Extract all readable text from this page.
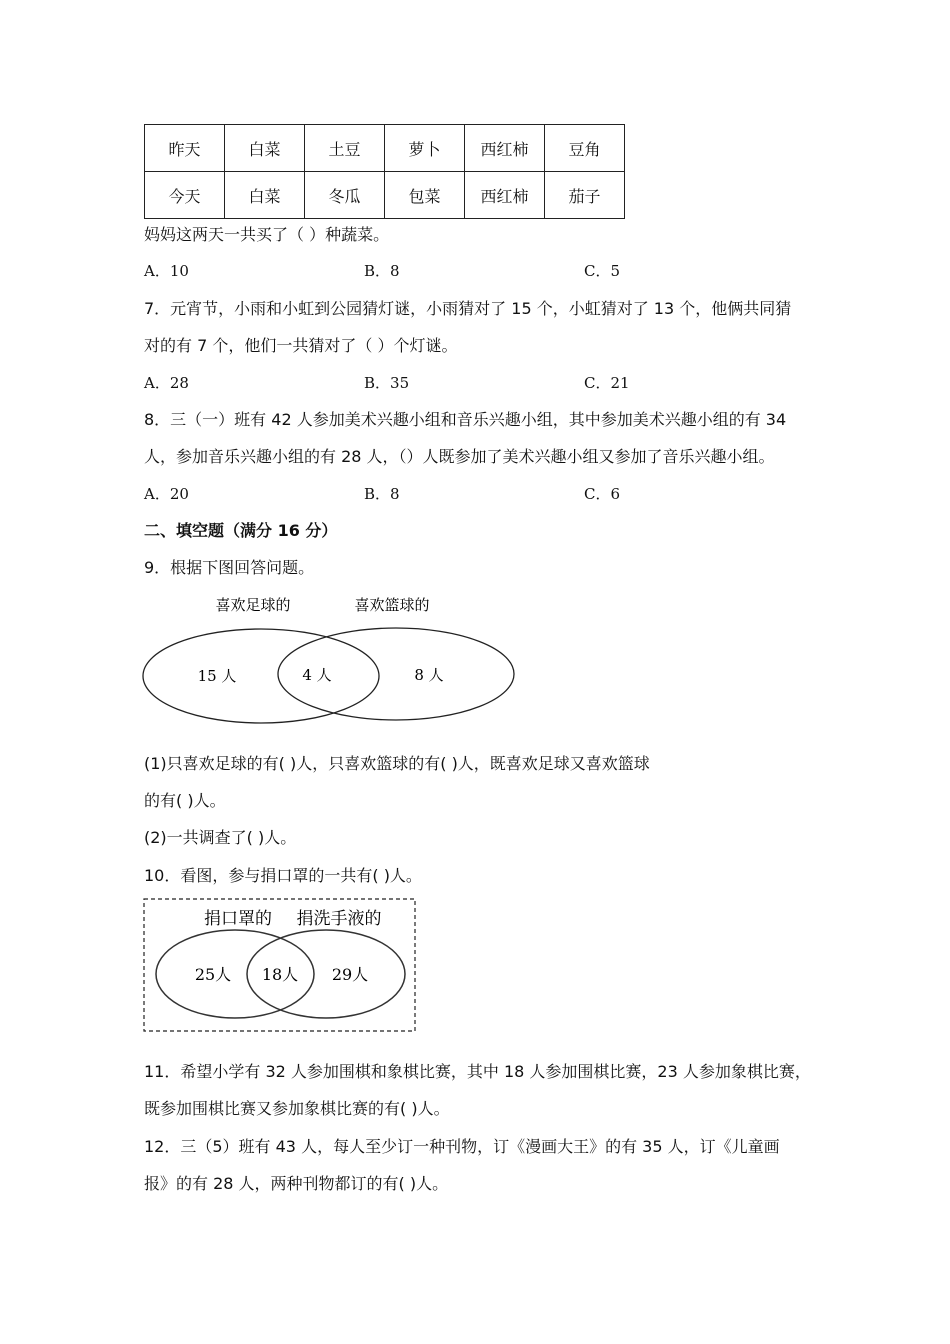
昨天	白菜	土豆	萝卜	西红柿	豆角
今天	白菜	冬瓜	包菜	西红柿	茄子
妈妈这两天一共买了（ ）种蔬菜。
A．10	B．8	C．5
7．元宵节，小雨和小虹到公园猜灯谜，小雨猜对了 15 个，小虹猜对了 13 个，他俩共同猜
对的有 7 个，他们一共猜对了（ ）个灯谜。
A．28	B．35	C．21
8．三（一）班有 42 人参加美术兴趣小组和音乐兴趣小组，其中参加美术兴趣小组的有 34
人，参加音乐兴趣小组的有 28 人，（）人既参加了美术兴趣小组又参加了音乐兴趣小组。
A．20	B．8	C．6
二、填空题（满分 16 分）
9．根据下图回答问题。
喜欢足球的	喜欢篮球的
15 人	4 人	8 人
(1)只喜欢足球的有( )人，只喜欢篮球的有( )人，既喜欢足球又喜欢篮球
的有( )人。
(2)一共调查了( )人。
10．看图，参与捐口罩的一共有( )人。
捐口罩的 捐洗手液的
25人 18人 29人
11．希望小学有 32 人参加围棋和象棋比赛，其中 18 人参加围棋比赛，23 人参加象棋比赛，
既参加围棋比赛又参加象棋比赛的有( )人。
12．三（5）班有 43 人，每人至少订一种刊物，订《漫画大王》的有 35 人，订《儿童画
报》的有 28 人，两种刊物都订的有( )人。
